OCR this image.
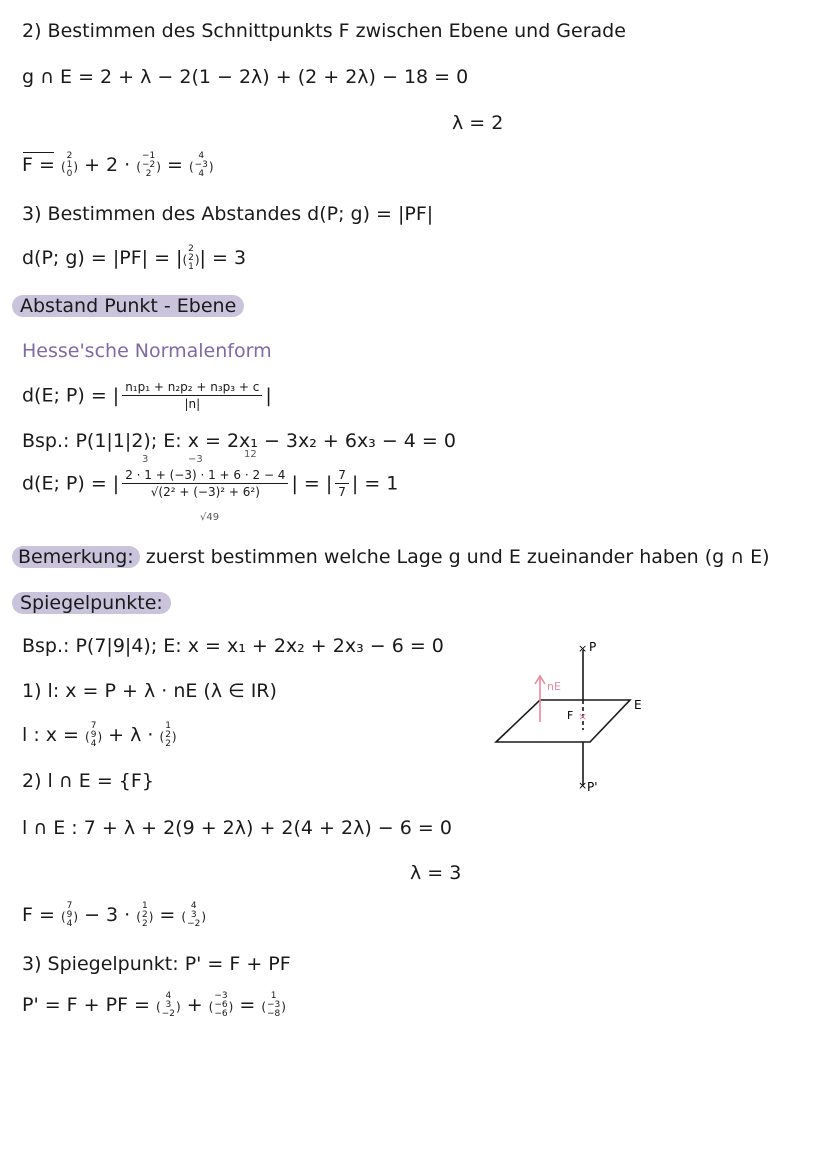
2) Bestimmen des Schnittpunkts F zwischen Ebene und Gerade
g ∩ E = 2 + λ − 2(1 − 2λ) + (2 + 2λ) − 18 = 0
λ = 2
F = (
2
1
0 ) + 2 · (
−1
−2
2 ) = (
4
−3
4 )
3) Bestimmen des Abstandes d(P; g) = |PF|
d(P; g) = |PF| = |(
2
2
1 )| = 3
Abstand Punkt - Ebene
Hesse'sche Normalenform
d(E; P) = | $\frac{\text{n₁p₁ + n₂p₂ + n₃p₃ + c}}{|n|}$ |
Bsp.: P(1|1|2); E: x = 2x₁ − 3x₂ + 6x₃ − 4 = 0
3	−3	12
d(E; P) = | $\frac{2 \cdot 1 + (-3) \cdot 1 + 6 \cdot 2 - 4}{\text{√(2² + (−3)² + 6²)}}$ | = | $\frac{7}{7}$ | = 1
√49
Bemerkung: zuerst bestimmen welche Lage g und E zueinander haben (g ∩ E)
Spiegelpunkte:
Bsp.: P(7|9|4); E: x = x₁ + 2x₂ + 2x₃ − 6 = 0
1) l: x = P + λ · nE (λ ∈ IR)
l : x = (
7
9
4 ) + λ · (
1
2
2 )
2) l ∩ E = {F}
l ∩ E : 7 + λ + 2(9 + 2λ) + 2(4 + 2λ) − 6 = 0
λ = 3
F = (
7
9
4 ) − 3 · (
1
2
2 ) = (
4
3
−2 )
3) Spiegelpunkt: P' = F + PF
P' = F + PF = (
4
3
−2 ) + (
−3
−6
−6 ) = (
1
−3
−8 )
× P
×
F
E
× P'
nE
